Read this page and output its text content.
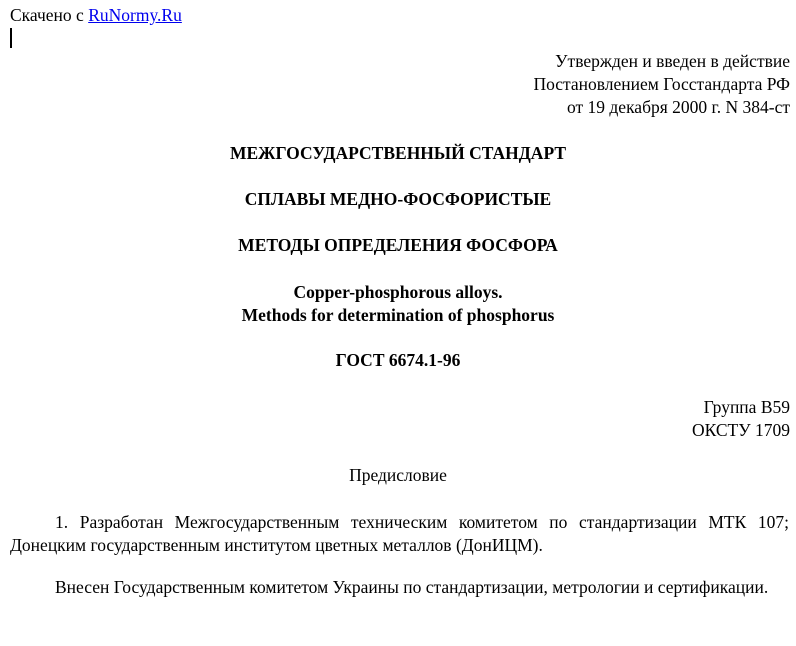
Скачено с RuNormy.Ru
Утвержден и введен в действие
Постановлением Госстандарта РФ
от 19 декабря 2000 г. N 384-ст
МЕЖГОСУДАРСТВЕННЫЙ СТАНДАРТ
СПЛАВЫ МЕДНО-ФОСФОРИСТЫЕ
МЕТОДЫ ОПРЕДЕЛЕНИЯ ФОСФОРА
Copper-phosphorous alloys.
Methods for determination of phosphorus
ГОСТ 6674.1-96
Группа В59
ОКСТУ 1709
Предисловие
1. Разработан Межгосударственным техническим комитетом по стандартизации МТК 107; Донецким государственным институтом цветных металлов (ДонИЦМ).
Внесен Государственным комитетом Украины по стандартизации, метрологии и сертификации.
